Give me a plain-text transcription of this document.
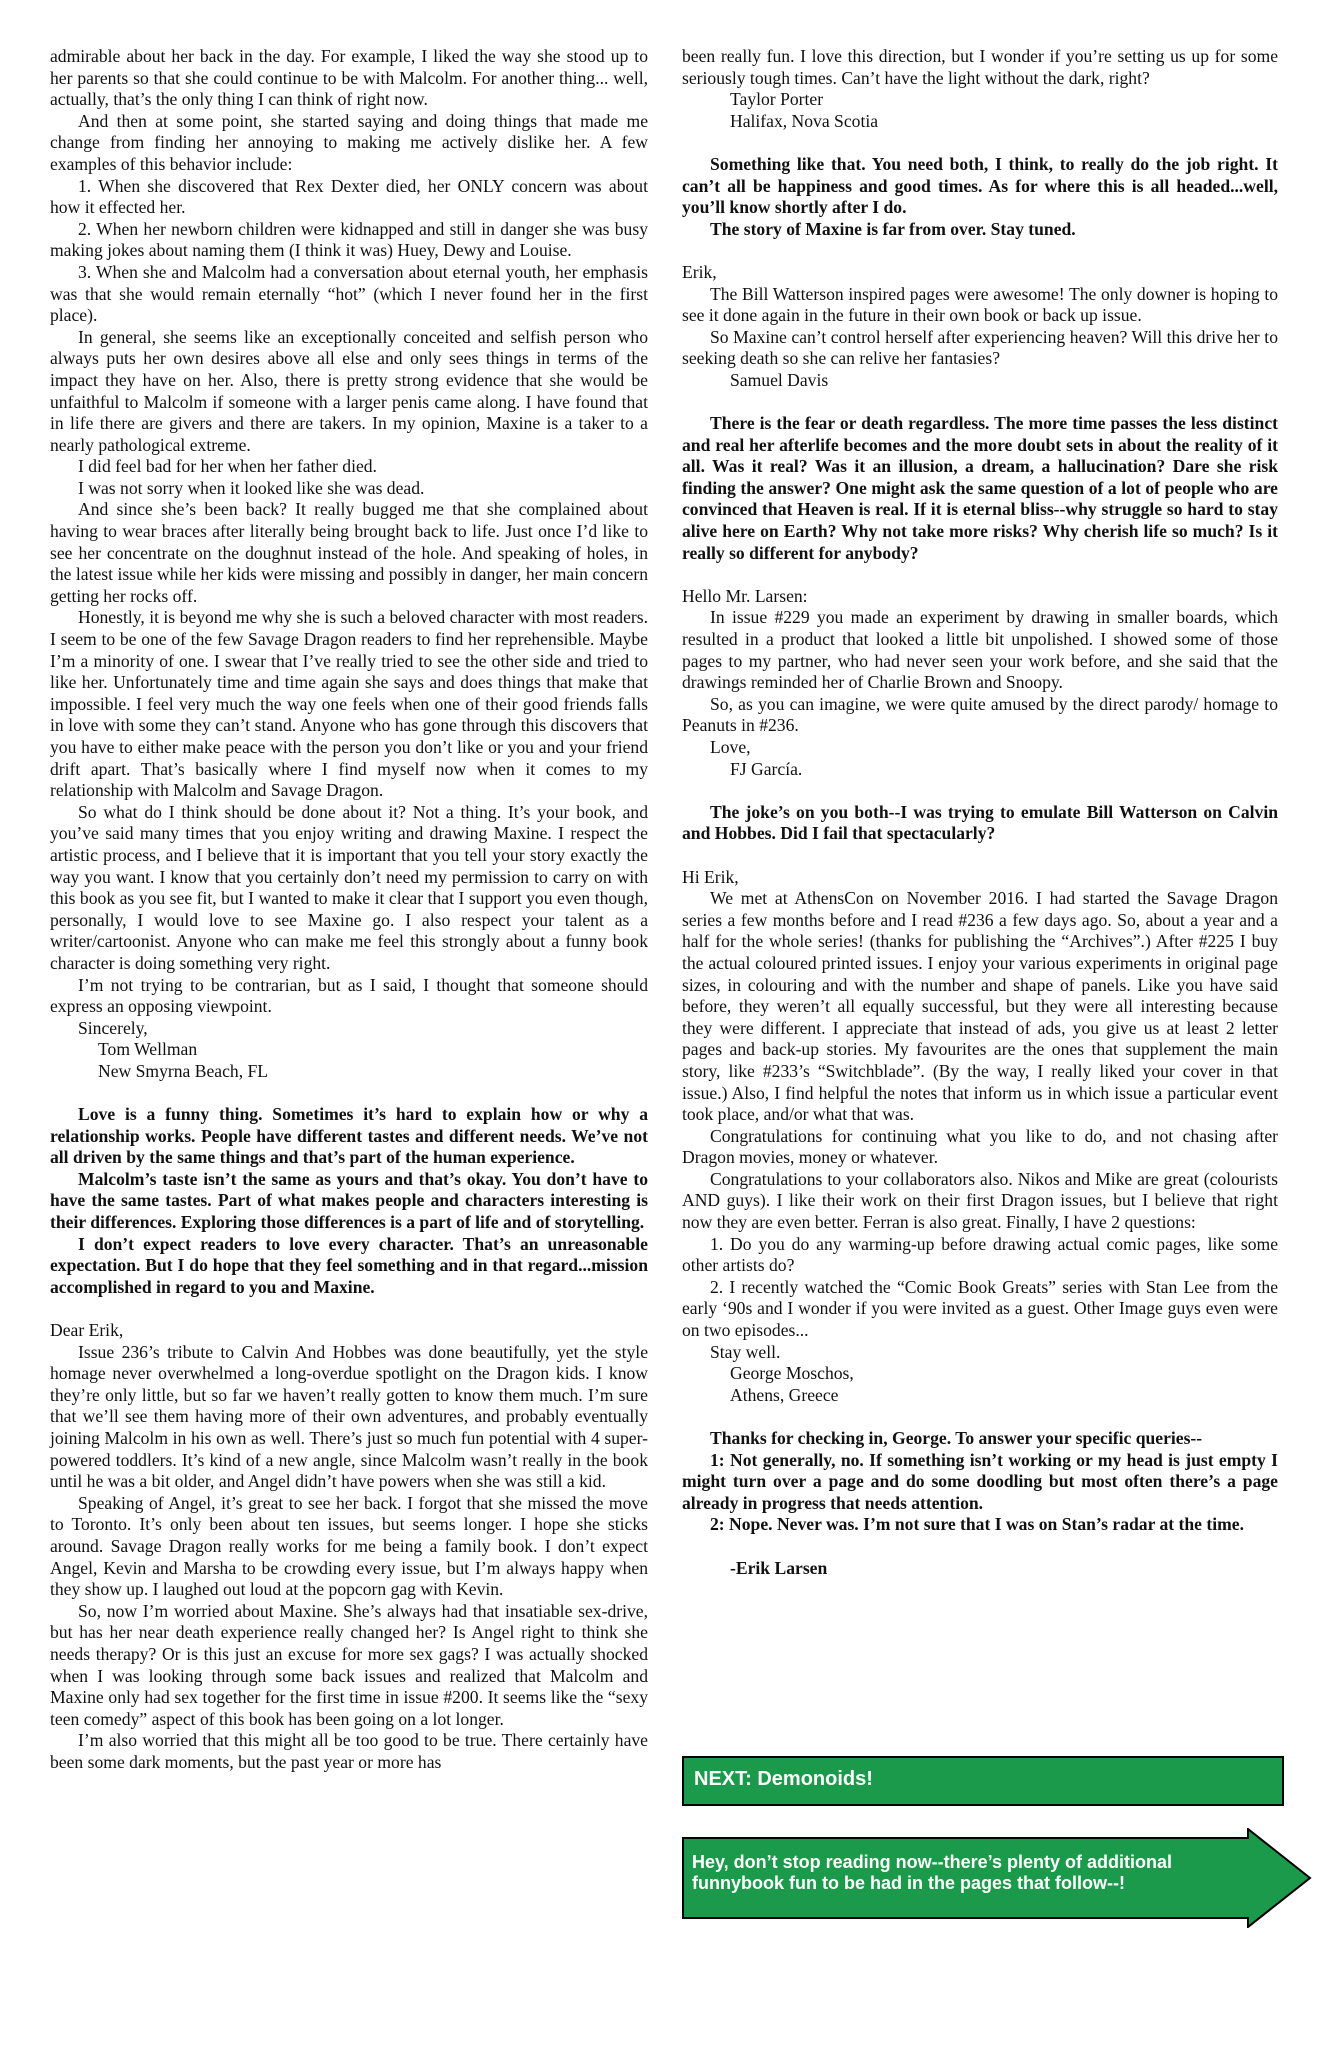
admirable about her back in the day. For example, I liked the way she stood up to her parents so that she could continue to be with Malcolm. For another thing... well, actually, that’s the only thing I can think of right now.

And then at some point, she started saying and doing things that made me change from finding her annoying to making me actively dislike her. A few examples of this behavior include:

1. When she discovered that Rex Dexter died, her ONLY concern was about how it effected her.

2. When her newborn children were kidnapped and still in danger she was busy making jokes about naming them (I think it was) Huey, Dewy and Louise.

3. When she and Malcolm had a conversation about eternal youth, her emphasis was that she would remain eternally “hot” (which I never found her in the first place).

In general, she seems like an exceptionally conceited and selfish person who always puts her own desires above all else and only sees things in terms of the impact they have on her. Also, there is pretty strong evidence that she would be unfaithful to Malcolm if someone with a larger penis came along. I have found that in life there are givers and there are takers. In my opinion, Maxine is a taker to a nearly pathological extreme.

I did feel bad for her when her father died.

I was not sorry when it looked like she was dead.

And since she’s been back? It really bugged me that she complained about having to wear braces after literally being brought back to life. Just once I’d like to see her concentrate on the doughnut instead of the hole. And speaking of holes, in the latest issue while her kids were missing and possibly in danger, her main concern getting her rocks off.

Honestly, it is beyond me why she is such a beloved character with most readers. I seem to be one of the few Savage Dragon readers to find her reprehensible. Maybe I’m a minority of one. I swear that I’ve really tried to see the other side and tried to like her. Unfortunately time and time again she says and does things that make that impossible. I feel very much the way one feels when one of their good friends falls in love with some they can’t stand. Anyone who has gone through this discovers that you have to either make peace with the person you don’t like or you and your friend drift apart. That’s basically where I find myself now when it comes to my relationship with Malcolm and Savage Dragon.

So what do I think should be done about it? Not a thing. It’s your book, and you’ve said many times that you enjoy writing and drawing Maxine. I respect the artistic process, and I believe that it is important that you tell your story exactly the way you want. I know that you certainly don’t need my permission to carry on with this book as you see fit, but I wanted to make it clear that I support you even though, personally, I would love to see Maxine go. I also respect your talent as a writer/cartoonist. Anyone who can make me feel this strongly about a funny book character is doing something very right.

I’m not trying to be contrarian, but as I said, I thought that someone should express an opposing viewpoint.

Sincerely,

Tom Wellman

New Smyrna Beach, FL

Love is a funny thing. Sometimes it’s hard to explain how or why a relationship works. People have different tastes and different needs. We’ve not all driven by the same things and that’s part of the human experience.

Malcolm’s taste isn’t the same as yours and that’s okay. You don’t have to have the same tastes. Part of what makes people and characters interesting is their differences. Exploring those differences is a part of life and of storytelling.

I don’t expect readers to love every character. That’s an unreasonable expectation. But I do hope that they feel something and in that regard...mission accomplished in regard to you and Maxine.

Dear Erik,

Issue 236’s tribute to Calvin And Hobbes was done beautifully, yet the style homage never overwhelmed a long-overdue spotlight on the Dragon kids. I know they’re only little, but so far we haven’t really gotten to know them much. I’m sure that we’ll see them having more of their own adventures, and probably eventually joining Malcolm in his own as well. There’s just so much fun potential with 4 super-powered toddlers. It’s kind of a new angle, since Malcolm wasn’t really in the book until he was a bit older, and Angel didn’t have powers when she was still a kid.

Speaking of Angel, it’s great to see her back. I forgot that she missed the move to Toronto. It’s only been about ten issues, but seems longer. I hope she sticks around. Savage Dragon really works for me being a family book. I don’t expect Angel, Kevin and Marsha to be crowding every issue, but I’m always happy when they show up. I laughed out loud at the popcorn gag with Kevin.

So, now I’m worried about Maxine. She’s always had that insatiable sex-drive, but has her near death experience really changed her? Is Angel right to think she needs therapy? Or is this just an excuse for more sex gags? I was actually shocked when I was looking through some back issues and realized that Malcolm and Maxine only had sex together for the first time in issue #200. It seems like the “sexy teen comedy” aspect of this book has been going on a lot longer.

I’m also worried that this might all be too good to be true. There certainly have been some dark moments, but the past year or more has

been really fun. I love this direction, but I wonder if you’re setting us up for some seriously tough times. Can’t have the light without the dark, right?

Taylor Porter

Halifax, Nova Scotia

Something like that. You need both, I think, to really do the job right. It can’t all be happiness and good times. As for where this is all headed...well, you’ll know shortly after I do.

The story of Maxine is far from over. Stay tuned.

Erik,

The Bill Watterson inspired pages were awesome! The only downer is hoping to see it done again in the future in their own book or back up issue.

So Maxine can’t control herself after experiencing heaven? Will this drive her to seeking death so she can relive her fantasies?

Samuel Davis

There is the fear or death regardless. The more time passes the less distinct and real her afterlife becomes and the more doubt sets in about the reality of it all. Was it real? Was it an illusion, a dream, a hallucination? Dare she risk finding the answer? One might ask the same question of a lot of people who are convinced that Heaven is real. If it is eternal bliss--why struggle so hard to stay alive here on Earth? Why not take more risks? Why cherish life so much? Is it really so different for anybody?

Hello Mr. Larsen:

In issue #229 you made an experiment by drawing in smaller boards, which resulted in a product that looked a little bit unpolished. I showed some of those pages to my partner, who had never seen your work before, and she said that the drawings reminded her of Charlie Brown and Snoopy.

So, as you can imagine, we were quite amused by the direct parody/ homage to Peanuts in #236.

Love,

FJ García.

The joke’s on you both--I was trying to emulate Bill Watterson on Calvin and Hobbes. Did I fail that spectacularly?

Hi Erik,

We met at AthensCon on November 2016. I had started the Savage Dragon series a few months before and I read #236 a few days ago. So, about a year and a half for the whole series! (thanks for publishing the “Archives”.) After #225 I buy the actual coloured printed issues. I enjoy your various experiments in original page sizes, in colouring and with the number and shape of panels. Like you have said before, they weren’t all equally successful, but they were all interesting because they were different. I appreciate that instead of ads, you give us at least 2 letter pages and back-up stories. My favourites are the ones that supplement the main story, like #233’s “Switchblade”. (By the way, I really liked your cover in that issue.) Also, I find helpful the notes that inform us in which issue a particular event took place, and/or what that was.

Congratulations for continuing what you like to do, and not chasing after Dragon movies, money or whatever.

Congratulations to your collaborators also. Nikos and Mike are great (colourists AND guys). I like their work on their first Dragon issues, but I believe that right now they are even better. Ferran is also great. Finally, I have 2 questions:

1. Do you do any warming-up before drawing actual comic pages, like some other artists do?

2. I recently watched the “Comic Book Greats” series with Stan Lee from the early ‘90s and I wonder if you were invited as a guest. Other Image guys even were on two episodes...

Stay well.

George Moschos,

Athens, Greece

Thanks for checking in, George. To answer your specific queries--

1: Not generally, no. If something isn’t working or my head is just empty I might turn over a page and do some doodling but most often there’s a page already in progress that needs attention.

2: Nope. Never was. I’m not sure that I was on Stan’s radar at the time.

-Erik Larsen

NEXT: Demonoids!
Hey, don’t stop reading now--there’s plenty of additional funnybook fun to be had in the pages that follow--!
